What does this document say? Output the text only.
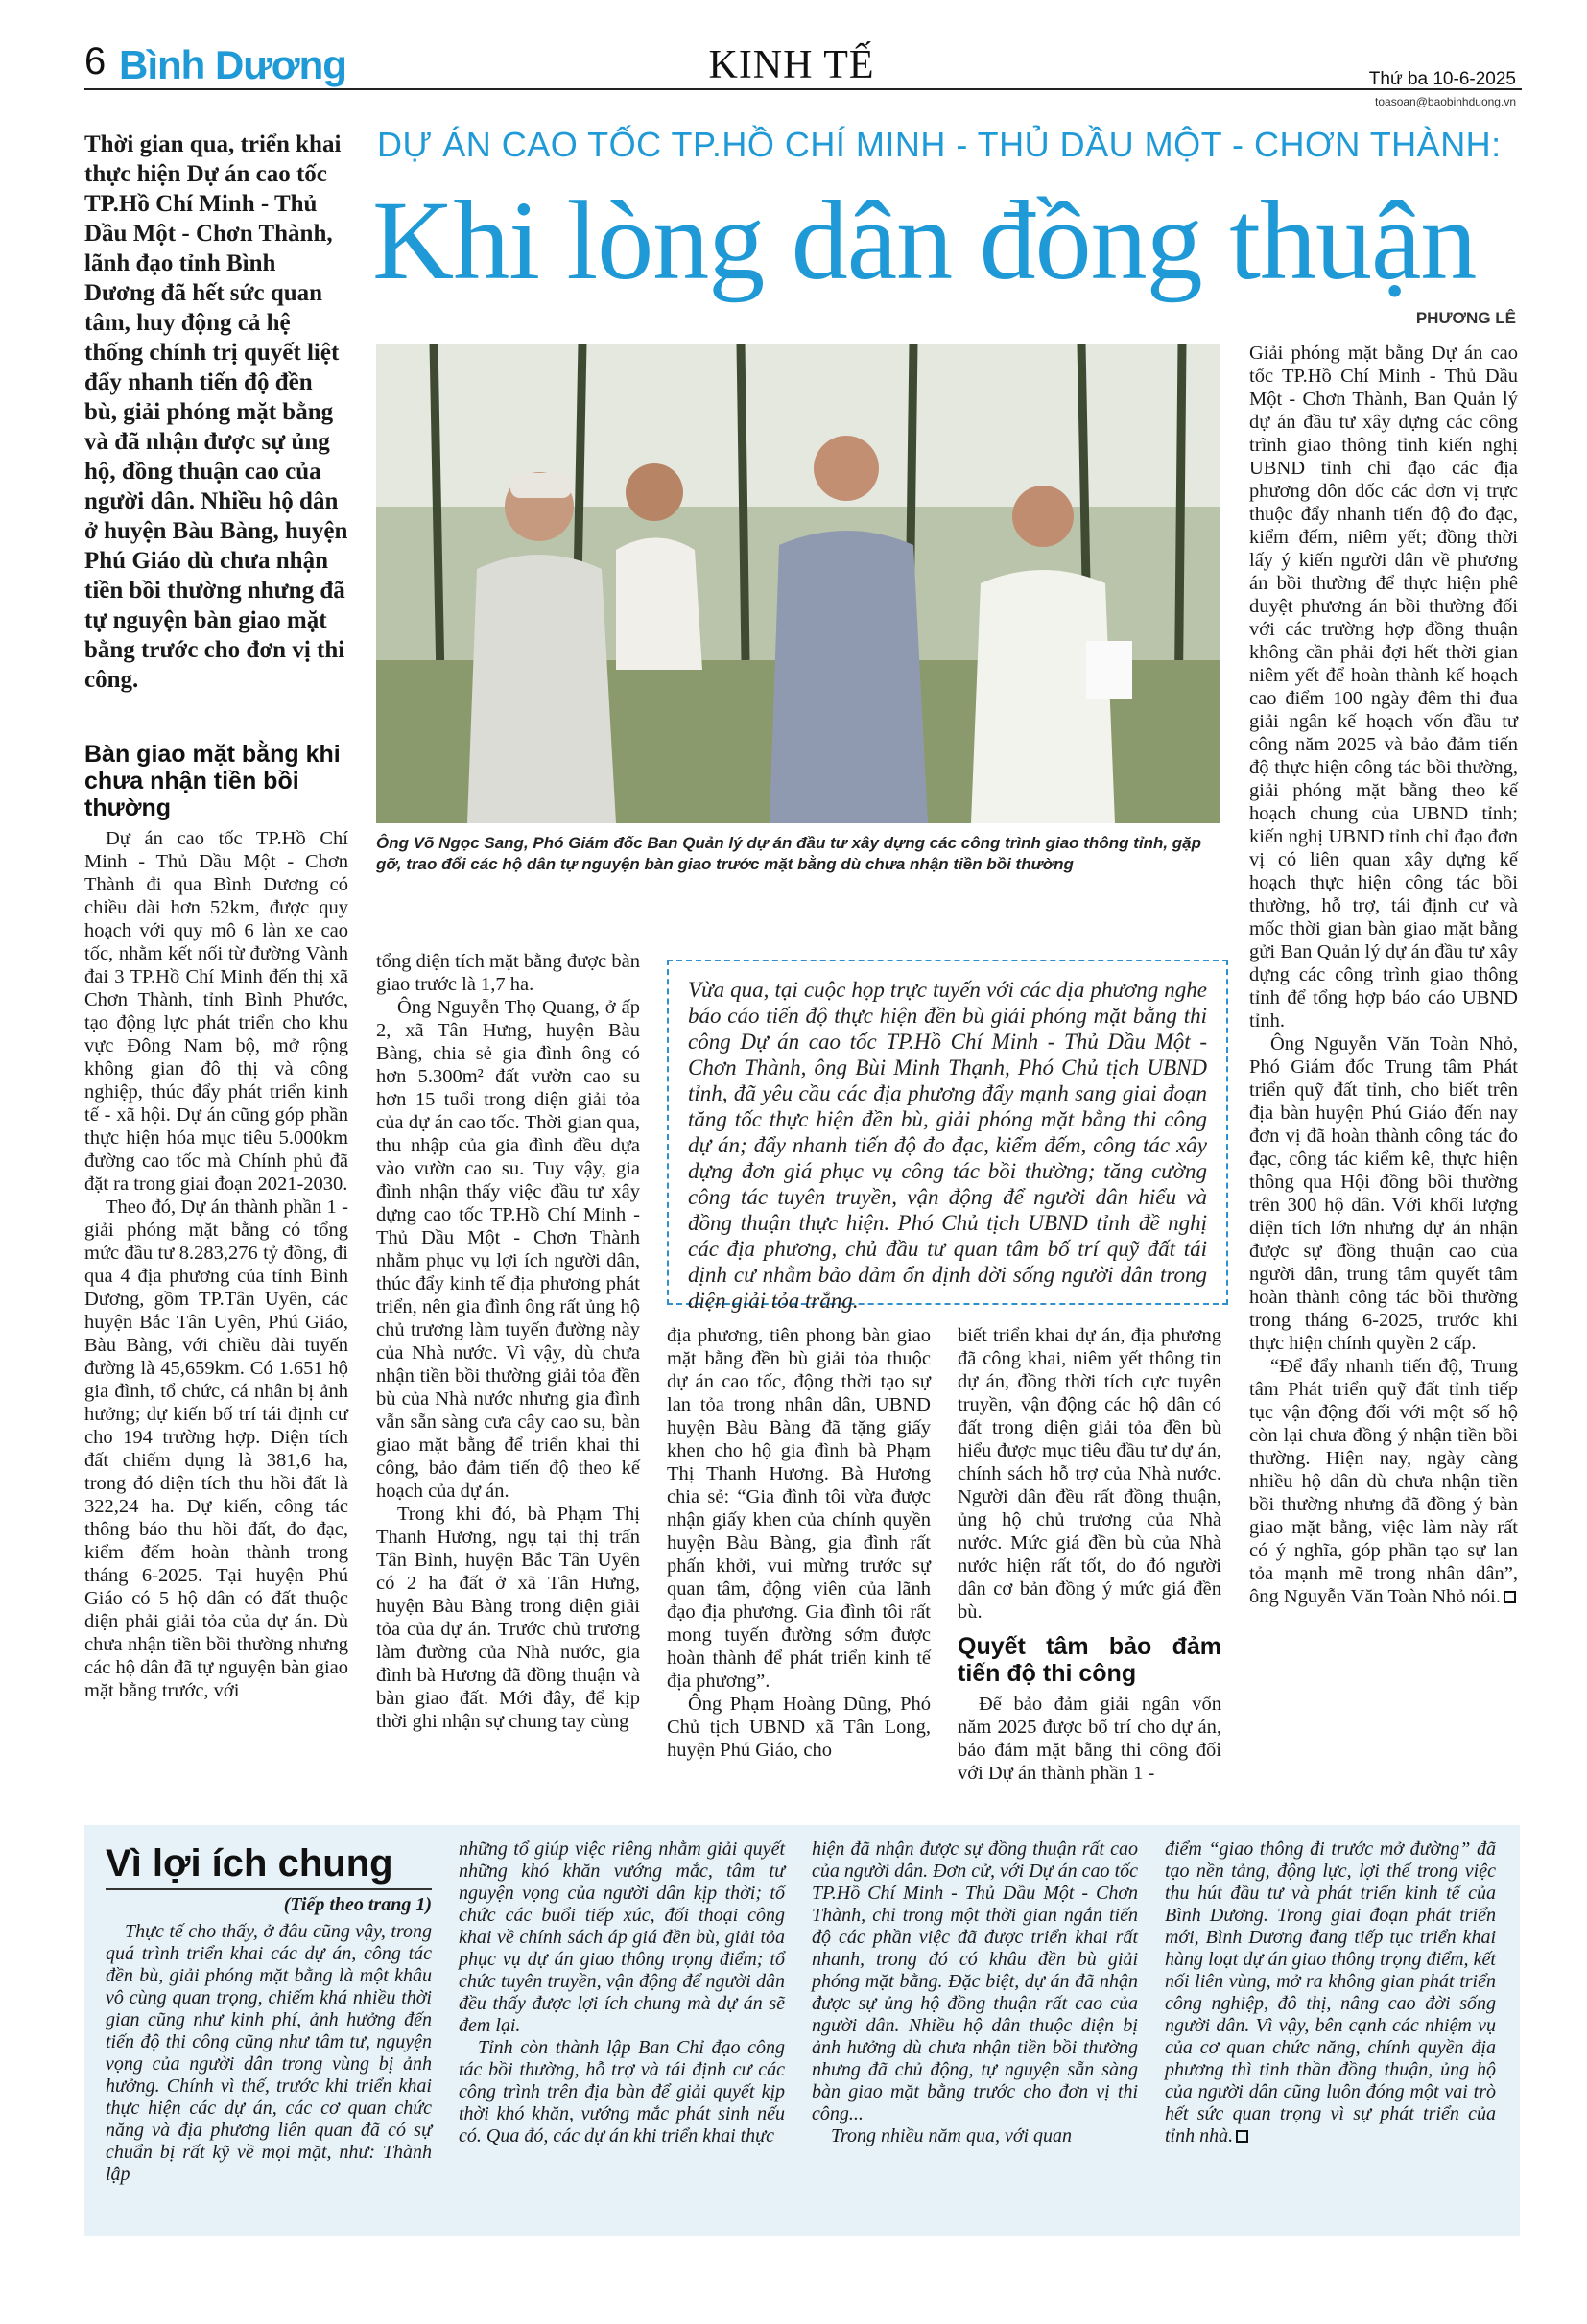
6 Bình Dương	KINH TẾ	Thứ ba 10-6-2025
toasoan@baobinhduong.vn
Thời gian qua, triển khai thực hiện Dự án cao tốc TP.Hồ Chí Minh - Thủ Dầu Một - Chơn Thành, lãnh đạo tỉnh Bình Dương đã hết sức quan tâm, huy động cả hệ thống chính trị quyết liệt đẩy nhanh tiến độ đền bù, giải phóng mặt bằng và đã nhận được sự ủng hộ, đồng thuận cao của người dân. Nhiều hộ dân ở huyện Bàu Bàng, huyện Phú Giáo dù chưa nhận tiền bồi thường nhưng đã tự nguyện bàn giao mặt bằng trước cho đơn vị thi công.
DỰ ÁN CAO TỐC TP.HỒ CHÍ MINH - THỦ DẦU MỘT - CHƠN THÀNH:
Khi lòng dân đồng thuận
PHƯƠNG LÊ
Bàn giao mặt bằng khi chưa nhận tiền bồi thường

Dự án cao tốc TP.Hồ Chí Minh - Thủ Dầu Một - Chơn Thành đi qua Bình Dương có chiều dài hơn 52km, được quy hoạch với quy mô 6 làn xe cao tốc, nhằm kết nối từ đường Vành đai 3 TP.Hồ Chí Minh đến thị xã Chơn Thành, tỉnh Bình Phước, tạo động lực phát triển cho khu vực Đông Nam bộ, mở rộng không gian đô thị và công nghiệp, thúc đẩy phát triển kinh tế - xã hội. Dự án cũng góp phần thực hiện hóa mục tiêu 5.000km đường cao tốc mà Chính phủ đã đặt ra trong giai đoạn 2021-2030.

Theo đó, Dự án thành phần 1 - giải phóng mặt bằng có tổng mức đầu tư 8.283,276 tỷ đồng, đi qua 4 địa phương của tỉnh Bình Dương, gồm TP.Tân Uyên, các huyện Bắc Tân Uyên, Phú Giáo, Bàu Bàng, với chiều dài tuyến đường là 45,659km. Có 1.651 hộ gia đình, tổ chức, cá nhân bị ảnh hưởng; dự kiến bố trí tái định cư cho 194 trường hợp. Diện tích đất chiếm dụng là 381,6 ha, trong đó diện tích thu hồi đất là 322,24 ha. Dự kiến, công tác thông báo thu hồi đất, đo đạc, kiểm đếm hoàn thành trong tháng 6-2025. Tại huyện Phú Giáo có 5 hộ dân có đất thuộc diện phải giải tỏa của dự án. Dù chưa nhận tiền bồi thường nhưng các hộ dân đã tự nguyện bàn giao mặt bằng trước, với

Ông Võ Ngọc Sang, Phó Giám đốc Ban Quản lý dự án đầu tư xây dựng các công trình giao thông tỉnh, gặp gỡ, trao đổi các hộ dân tự nguyện bàn giao trước mặt bằng dù chưa nhận tiền bồi thường

Giải phóng mặt bằng Dự án cao tốc TP.Hồ Chí Minh - Thủ Dầu Một - Chơn Thành, Ban Quản lý dự án đầu tư xây dựng các công trình giao thông tỉnh kiến nghị UBND tỉnh chỉ đạo các địa phương đôn đốc các đơn vị trực thuộc đẩy nhanh tiến độ đo đạc, kiểm đếm, niêm yết; đồng thời lấy ý kiến người dân về phương án bồi thường để thực hiện phê duyệt phương án bồi thường đối với các trường hợp đồng thuận không cần phải đợi hết thời gian niêm yết để hoàn thành kế hoạch cao điểm 100 ngày đêm thi đua giải ngân kế hoạch vốn đầu tư công năm 2025 và bảo đảm tiến độ thực hiện công tác bồi thường, giải phóng mặt bằng theo kế hoạch chung của UBND tỉnh; kiến nghị UBND tỉnh chỉ đạo đơn vị có liên quan xây dựng kế hoạch thực hiện công tác bồi thường, hỗ trợ, tái định cư và mốc thời gian bàn giao mặt bằng gửi Ban Quản lý dự án đầu tư xây dựng các công trình giao thông tỉnh để tổng hợp báo cáo UBND tỉnh.

Ông Nguyễn Văn Toàn Nhỏ, Phó Giám đốc Trung tâm Phát triển quỹ đất tỉnh, cho biết trên địa bàn huyện Phú Giáo đến nay đơn vị đã hoàn thành công tác đo đạc, công tác kiểm kê, thực hiện thông qua Hội đồng bồi thường trên 300 hộ dân. Với khối lượng diện tích lớn nhưng dự án nhận được sự đồng thuận cao của người dân, trung tâm quyết tâm hoàn thành công tác bồi thường trong tháng 6-2025, trước khi thực hiện chính quyền 2 cấp.

“Để đẩy nhanh tiến độ, Trung tâm Phát triển quỹ đất tỉnh tiếp tục vận động đối với một số hộ còn lại chưa đồng ý nhận tiền bồi thường. Hiện nay, ngày càng nhiều hộ dân dù chưa nhận tiền bồi thường nhưng đã đồng ý bàn giao mặt bằng, việc làm này rất có ý nghĩa, góp phần tạo sự lan tỏa mạnh mẽ trong nhân dân”, ông Nguyễn Văn Toàn Nhỏ nói.

tổng diện tích mặt bằng được bàn giao trước là 1,7 ha.

Ông Nguyễn Thọ Quang, ở ấp 2, xã Tân Hưng, huyện Bàu Bàng, chia sẻ gia đình ông có hơn 5.300m² đất vườn cao su hơn 15 tuổi trong diện giải tỏa của dự án cao tốc. Thời gian qua, thu nhập của gia đình đều dựa vào vườn cao su. Tuy vậy, gia đình nhận thấy việc đầu tư xây dựng cao tốc TP.Hồ Chí Minh - Thủ Dầu Một - Chơn Thành nhằm phục vụ lợi ích người dân, thúc đẩy kinh tế địa phương phát triển, nên gia đình ông rất ủng hộ chủ trương làm tuyến đường này của Nhà nước. Vì vậy, dù chưa nhận tiền bồi thường giải tỏa đền bù của Nhà nước nhưng gia đình vẫn sẵn sàng cưa cây cao su, bàn giao mặt bằng để triển khai thi công, bảo đảm tiến độ theo kế hoạch của dự án.

Trong khi đó, bà Phạm Thị Thanh Hương, ngụ tại thị trấn Tân Bình, huyện Bắc Tân Uyên có 2 ha đất ở xã Tân Hưng, huyện Bàu Bàng trong diện giải tỏa của dự án. Trước chủ trương làm đường của Nhà nước, gia đình bà Hương đã đồng thuận và bàn giao đất. Mới đây, để kịp thời ghi nhận sự chung tay cùng

Vừa qua, tại cuộc họp trực tuyến với các địa phương nghe báo cáo tiến độ thực hiện đền bù giải phóng mặt bằng thi công Dự án cao tốc TP.Hồ Chí Minh - Thủ Dầu Một - Chơn Thành, ông Bùi Minh Thạnh, Phó Chủ tịch UBND tỉnh, đã yêu cầu các địa phương đẩy mạnh sang giai đoạn tăng tốc thực hiện đền bù, giải phóng mặt bằng thi công dự án; đẩy nhanh tiến độ đo đạc, kiểm đếm, công tác xây dựng đơn giá phục vụ công tác bồi thường; tăng cường công tác tuyên truyền, vận động để người dân hiểu và đồng thuận thực hiện. Phó Chủ tịch UBND tỉnh đề nghị các địa phương, chủ đầu tư quan tâm bố trí quỹ đất tái định cư nhằm bảo đảm ổn định đời sống người dân trong diện giải tỏa trắng.

địa phương, tiên phong bàn giao mặt bằng đền bù giải tỏa thuộc dự án cao tốc, động thời tạo sự lan tỏa trong nhân dân, UBND huyện Bàu Bàng đã tặng giấy khen cho hộ gia đình bà Phạm Thị Thanh Hương. Bà Hương chia sẻ: “Gia đình tôi vừa được nhận giấy khen của chính quyền huyện Bàu Bàng, gia đình rất phấn khởi, vui mừng trước sự quan tâm, động viên của lãnh đạo địa phương. Gia đình tôi rất mong tuyến đường sớm được hoàn thành để phát triển kinh tế địa phương”.

Ông Phạm Hoàng Dũng, Phó Chủ tịch UBND xã Tân Long, huyện Phú Giáo, cho

biết triển khai dự án, địa phương đã công khai, niêm yết thông tin dự án, đồng thời tích cực tuyên truyền, vận động các hộ dân có đất trong diện giải tỏa đền bù hiểu được mục tiêu đầu tư dự án, chính sách hỗ trợ của Nhà nước. Người dân đều rất đồng thuận, ủng hộ chủ trương của Nhà nước. Mức giá đền bù của Nhà nước hiện rất tốt, do đó người dân cơ bản đồng ý mức giá đền bù.

Quyết tâm bảo đảm tiến độ thi công

Để bảo đảm giải ngân vốn năm 2025 được bố trí cho dự án, bảo đảm mặt bằng thi công đối với Dự án thành phần 1 -

Vì lợi ích chung
(Tiếp theo trang 1)

Thực tế cho thấy, ở đâu cũng vậy, trong quá trình triển khai các dự án, công tác đền bù, giải phóng mặt bằng là một khâu vô cùng quan trọng, chiếm khá nhiều thời gian cũng như kinh phí, ảnh hưởng đến tiến độ thi công cũng như tâm tư, nguyện vọng của người dân trong vùng bị ảnh hưởng. Chính vì thế, trước khi triển khai thực hiện các dự án, các cơ quan chức năng và địa phương liên quan đã có sự chuẩn bị rất kỹ về mọi mặt, như: Thành lập

những tổ giúp việc riêng nhằm giải quyết những khó khăn vướng mắc, tâm tư nguyện vọng của người dân kịp thời; tổ chức các buổi tiếp xúc, đối thoại công khai về chính sách áp giá đền bù, giải tỏa phục vụ dự án giao thông trọng điểm; tổ chức tuyên truyền, vận động để người dân đều thấy được lợi ích chung mà dự án sẽ đem lại.

Tỉnh còn thành lập Ban Chỉ đạo công tác bồi thường, hỗ trợ và tái định cư các công trình trên địa bàn để giải quyết kịp thời khó khăn, vướng mắc phát sinh nếu có. Qua đó, các dự án khi triển khai thực

hiện đã nhận được sự đồng thuận rất cao của người dân. Đơn cử, với Dự án cao tốc TP.Hồ Chí Minh - Thủ Dầu Một - Chơn Thành, chỉ trong một thời gian ngắn tiến độ các phần việc đã được triển khai rất nhanh, trong đó có khâu đền bù giải phóng mặt bằng. Đặc biệt, dự án đã nhận được sự ủng hộ đồng thuận rất cao của người dân. Nhiều hộ dân thuộc diện bị ảnh hưởng dù chưa nhận tiền bồi thường nhưng đã chủ động, tự nguyện sẵn sàng bàn giao mặt bằng trước cho đơn vị thi công...

Trong nhiều năm qua, với quan

điểm “giao thông đi trước mở đường” đã tạo nền tảng, động lực, lợi thế trong việc thu hút đầu tư và phát triển kinh tế của Bình Dương. Trong giai đoạn phát triển mới, Bình Dương đang tiếp tục triển khai hàng loạt dự án giao thông trọng điểm, kết nối liên vùng, mở ra không gian phát triển công nghiệp, đô thị, nâng cao đời sống người dân. Vì vậy, bên cạnh các nhiệm vụ của cơ quan chức năng, chính quyền địa phương thì tinh thần đồng thuận, ủng hộ của người dân cũng luôn đóng một vai trò hết sức quan trọng vì sự phát triển của tỉnh nhà.
